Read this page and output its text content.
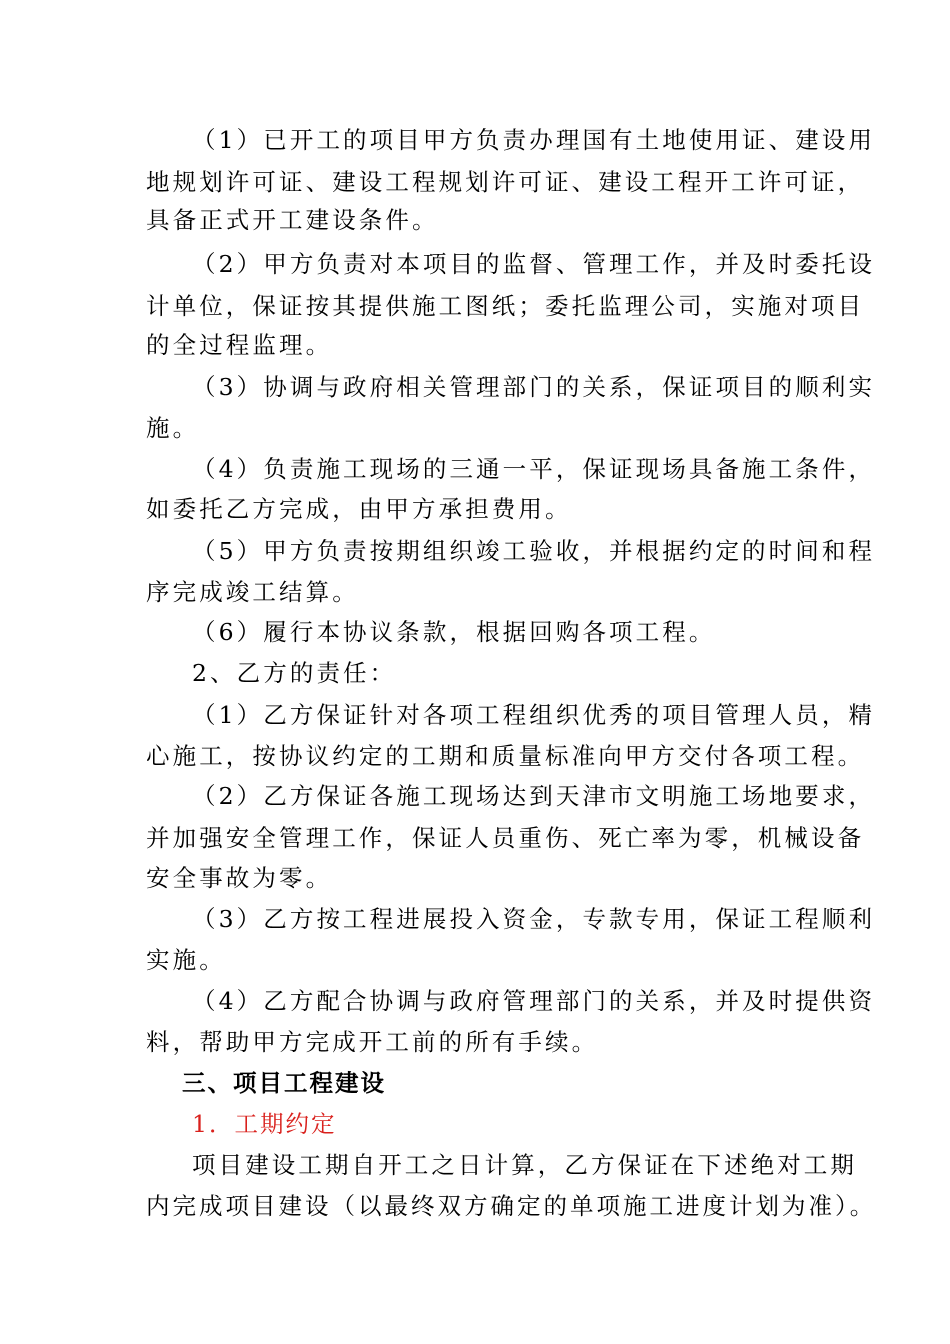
（1）已开工的项目甲方负责办理国有土地使用证、建设用
地规划许可证、建设工程规划许可证、建设工程开工许可证，
具备正式开工建设条件。
（2）甲方负责对本项目的监督、管理工作，并及时委托设
计单位，保证按其提供施工图纸；委托监理公司，实施对项目
的全过程监理。
（3）协调与政府相关管理部门的关系，保证项目的顺利实
施。
（4）负责施工现场的三通一平，保证现场具备施工条件，
如委托乙方完成，由甲方承担费用。
（5）甲方负责按期组织竣工验收，并根据约定的时间和程
序完成竣工结算。
（6）履行本协议条款，根据回购各项工程。
2、乙方的责任：
（1）乙方保证针对各项工程组织优秀的项目管理人员，精
心施工，按协议约定的工期和质量标准向甲方交付各项工程。
（2）乙方保证各施工现场达到天津市文明施工场地要求，
并加强安全管理工作，保证人员重伤、死亡率为零，机械设备
安全事故为零。
（3）乙方按工程进展投入资金，专款专用，保证工程顺利
实施。
（4）乙方配合协调与政府管理部门的关系，并及时提供资
料，帮助甲方完成开工前的所有手续。
三、项目工程建设
1．工期约定
项目建设工期自开工之日计算，乙方保证在下述绝对工期
内完成项目建设（以最终双方确定的单项施工进度计划为准）。
